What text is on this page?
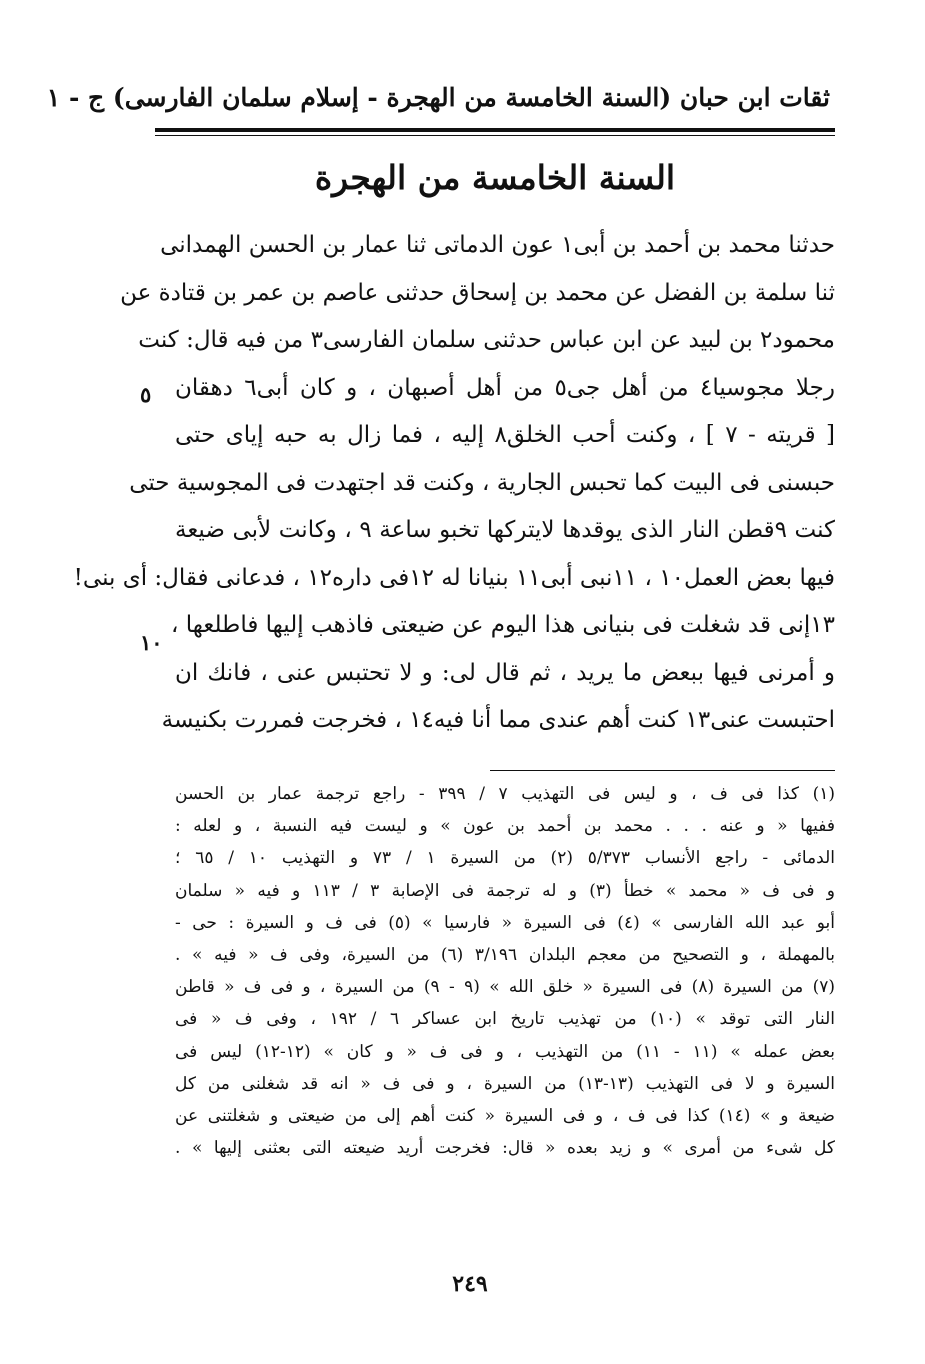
ثقات ابن حبان (السنة الخامسة من الهجرة - إسلام سلمان الفارسى) ج - ١
السنة الخامسة من الهجرة
حدثنا محمد بن أحمد بن أبى١ عون الدماتى ثنا عمار بن الحسن الهمدانى
ثنا سلمة بن الفضل عن محمد بن إسحاق حدثنى عاصم بن عمر بن قتادة عن
محمود٢ بن لبيد عن ابن عباس حدثنى سلمان الفارسى٣ من فيه قال: كنت
رجلا مجوسيا٤ من أهل جى٥ من أهل أصبهان ، و كان أبى٦ دهقان
[ قريته - ٧ ] ، وكنت أحب الخلق٨ إليه ، فما زال به حبه إياى حتى
حبسنى فى البيت كما تحبس الجارية ، وكنت قد اجتهدت فى المجوسية حتى
كنت ٩قطن النار الذى يوقدها لايتركها تخبو ساعة ٩ ، وكانت لأبى ضيعة
فيها بعض العمل١٠ ، ١١نبى أبى١١ بنيانا له ١٢فى داره١٢ ، فدعانى فقال: أى بنى!
١٣إنى قد شغلت فى بنيانى هذا اليوم عن ضيعتى فاذهب إليها فاطلعها ،
و أمرنى فيها ببعض ما يريد ، ثم قال لى: و لا تحتبس عنى ، فانك ان
احتبست عنى١٣ كنت أهم عندى مما أنا فيه١٤ ، فخرجت فمررت بكنيسة
٥
١٠
(١) كذا فى ف ، و ليس فى التهذيب ٧ / ٣٩٩ - راجع ترجمة عمار بن الحسن
ففيها « و عنه . . . محمد بن أحمد بن عون » و ليست فيه النسبة ، و لعله :
الدمائى - راجع الأنساب ٥/٣٧٣ (٢) من السيرة ١ / ٧٣ و التهذيب ١٠ / ٦٥ ؛
و فى ف « محمد » خطأ (٣) و له ترجمة فى الإصابة ٣ / ١١٣ و فيه « سلمان
أبو عبد الله الفارسى » (٤) فى السيرة « فارسيا » (٥) فى ف و السيرة : حى -
بالمهملة ، و التصحيح من معجم البلدان ٣/١٩٦ (٦) من السيرة، وفى ف « فيه » .
(٧) من السيرة (٨) فى السيرة « خلق الله » (٩ - ٩) من السيرة ، و فى ف « قاطن
النار التى توقد » (١٠) من تهذيب تاريخ ابن عساكر ٦ / ١٩٢ ، وفى ف « فى
بعض عمله » (١١ - ١١) من التهذيب ، و فى ف « و كان » (١٢-١٢) ليس فى
السيرة و لا فى التهذيب (١٣-١٣) من السيرة ، و فى ف « انه قد شغلنى من كل
ضيعة و » (١٤) كذا فى ف ، و فى السيرة « كنت أهم إلى من ضيعتى و شغلتنى عن
كل شىء من أمرى » و زيد بعده « قال: فخرجت أريد ضيعته التى بعثنى إليها » .
٢٤٩
